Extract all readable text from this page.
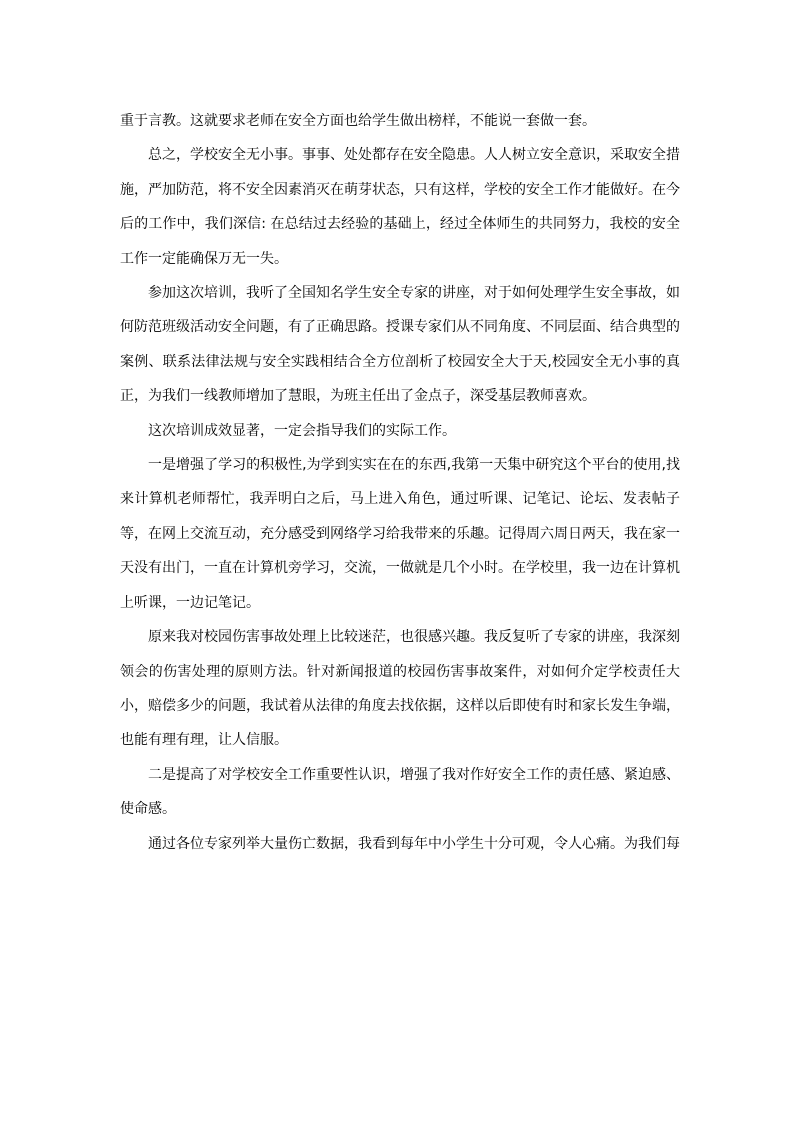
重于言教。这就要求老师在安全方面也给学生做出榜样，不能说一套做一套。

总之，学校安全无小事。事事、处处都存在安全隐患。人人树立安全意识，采取安全措施，严加防范，将不安全因素消灭在萌芽状态，只有这样，学校的安全工作才能做好。在今后的工作中，我们深信: 在总结过去经验的基础上，经过全体师生的共同努力，我校的安全工作一定能确保万无一失。

参加这次培训，我听了全国知名学生安全专家的讲座，对于如何处理学生安全事故，如何防范班级活动安全问题，有了正确思路。授课专家们从不同角度、不同层面、结合典型的案例、联系法律法规与安全实践相结合全方位剖析了校园安全大于天,校园安全无小事的真正，为我们一线教师增加了慧眼，为班主任出了金点子，深受基层教师喜欢。

这次培训成效显著，一定会指导我们的实际工作。

一是增强了学习的积极性,为学到实实在在的东西,我第一天集中研究这个平台的使用,找来计算机老师帮忙，我弄明白之后，马上进入角色，通过听课、记笔记、论坛、发表帖子等，在网上交流互动，充分感受到网络学习给我带来的乐趣。记得周六周日两天，我在家一天没有出门，一直在计算机旁学习，交流，一做就是几个小时。在学校里，我一边在计算机上听课，一边记笔记。

原来我对校园伤害事故处理上比较迷茫，也很感兴趣。我反复听了专家的讲座，我深刻领会的伤害处理的原则方法。针对新闻报道的校园伤害事故案件，对如何介定学校责任大小，赔偿多少的问题，我试着从法律的角度去找依据，这样以后即使有时和家长发生争端，也能有理有理，让人信服。

二是提高了对学校安全工作重要性认识，增强了我对作好安全工作的责任感、紧迫感、使命感。

通过各位专家列举大量伤亡数据，我看到每年中小学生十分可观，令人心痛。为我们每
